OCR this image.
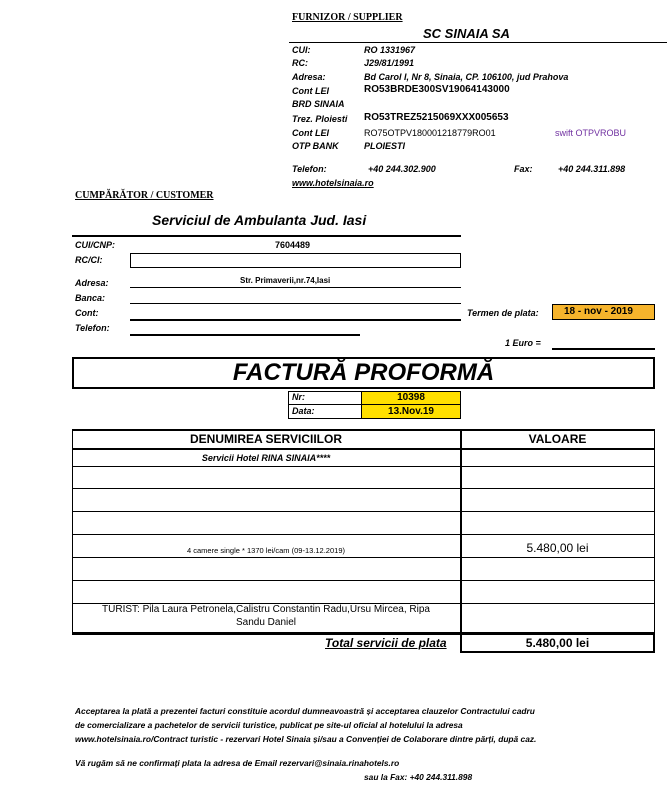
FURNIZOR / SUPPLIER
SC SINAIA SA
CUI:	RO 1331967
RC:	J29/81/1991
Adresa:	Bd Carol I, Nr 8, Sinaia, CP. 106100, jud Prahova
Cont LEI	RO53BRDE300SV19064143000
BRD SINAIA
Trez. Ploiesti RO53TREZ5215069XXX005653
Cont LEI	RO75OTPV180001218779RO01	swift OTPVROBU
OTP BANK	PLOIESTI
Telefon:	+40 244.302.900	Fax:	+40 244.311.898
www.hotelsinaia.ro
CUMPĂRĂTOR / CUSTOMER
Serviciul de Ambulanta Jud. Iasi
CUI/CNP:	7604489
RC/CI:
Adresa:	Str. Primaverii,nr.74,Iasi
Banca:
Cont:
Telefon:
Termen de plata:	18 - nov - 2019
1 Euro =
FACTURĂ PROFORMĂ
Nr:	10398
Data:	13.Nov.19
DENUMIREA SERVICIILOR	VALOARE
Servicii Hotel RINA SINAIA****
4 camere single * 1370 lei/cam (09-13.12.2019)	5.480,00 lei
TURIST: Pila Laura Petronela,Calistru Constantin Radu,Ursu Mircea, Ripa
Sandu Daniel
Total servicii de plata	5.480,00 lei
Acceptarea la plată a prezentei facturi constituie acordul dumneavoastră și acceptarea clauzelor Contractului cadru
de comercializare a pachetelor de servicii turistice, publicat pe site-ul oficial al hotelului la adresa
www.hotelsinaia.ro/Contract turistic - rezervari Hotel Sinaia și/sau a Convenției de Colaborare dintre părți, după caz.
Vă rugăm să ne confirmați plata la adresa de Email rezervari@sinaia.rinahotels.ro
sau la Fax: +40 244.311.898
